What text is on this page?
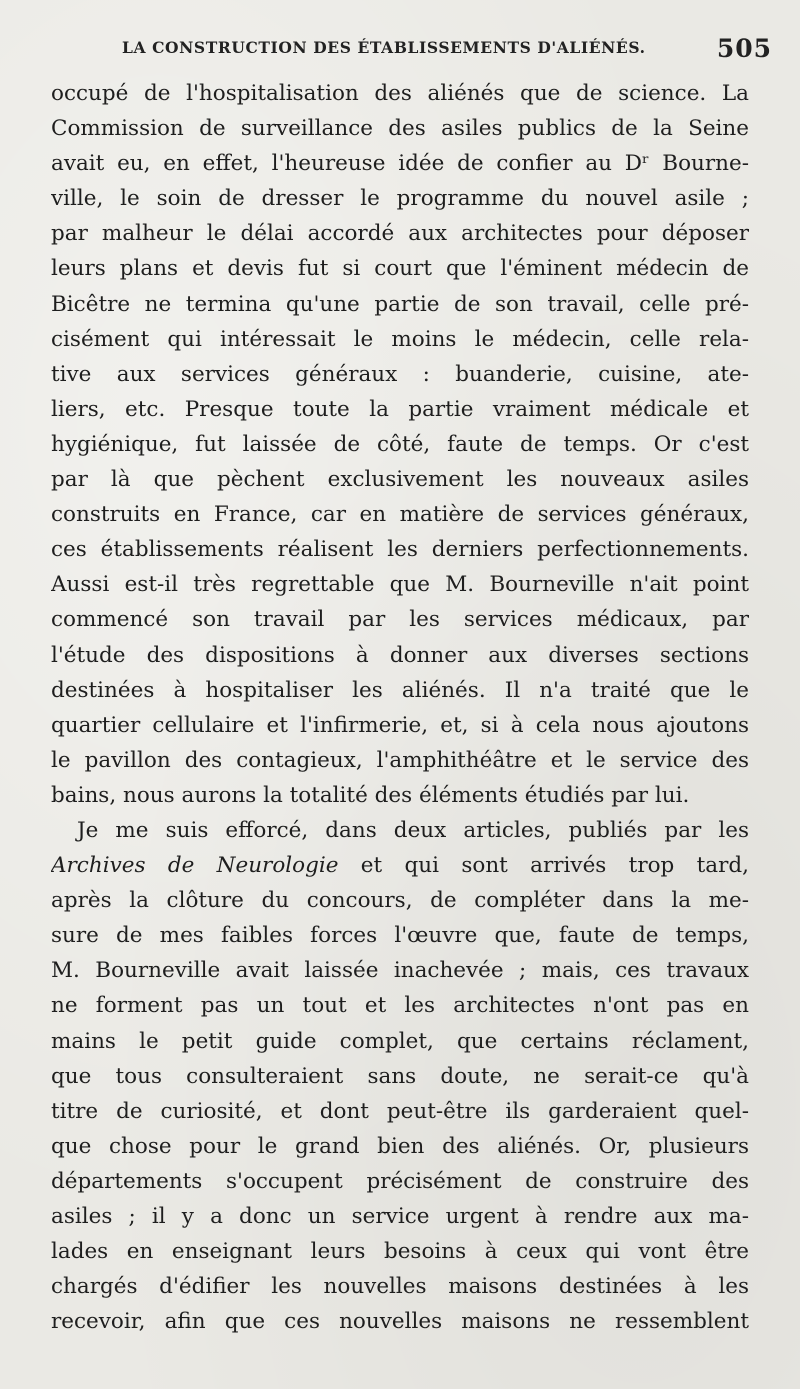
LA CONSTRUCTION DES ÉTABLISSEMENTS D'ALIÉNÉS.	505
occupé de l'hospitalisation des aliénés que de science. La
Commission de surveillance des asiles publics de la Seine
avait eu, en effet, l'heureuse idée de confier au Dʳ Bourne-
ville, le soin de dresser le programme du nouvel asile ;
par malheur le délai accordé aux architectes pour déposer
leurs plans et devis fut si court que l'éminent médecin de
Bicêtre ne termina qu'une partie de son travail, celle pré-
cisément qui intéressait le moins le médecin, celle rela-
tive aux services généraux : buanderie, cuisine, ate-
liers, etc. Presque toute la partie vraiment médicale et
hygiénique, fut laissée de côté, faute de temps. Or c'est
par là que pèchent exclusivement les nouveaux asiles
construits en France, car en matière de services généraux,
ces établissements réalisent les derniers perfectionnements.
Aussi est-il très regrettable que M. Bourneville n'ait point
commencé son travail par les services médicaux, par
l'étude des dispositions à donner aux diverses sections
destinées à hospitaliser les aliénés. Il n'a traité que le
quartier cellulaire et l'infirmerie, et, si à cela nous ajoutons
le pavillon des contagieux, l'amphithéâtre et le service des
bains, nous aurons la totalité des éléments étudiés par lui.
Je me suis efforcé, dans deux articles, publiés par les
Archives de Neurologie et qui sont arrivés trop tard,
après la clôture du concours, de compléter dans la me-
sure de mes faibles forces l'œuvre que, faute de temps,
M. Bourneville avait laissée inachevée ; mais, ces travaux
ne forment pas un tout et les architectes n'ont pas en
mains le petit guide complet, que certains réclament,
que tous consulteraient sans doute, ne serait-ce qu'à
titre de curiosité, et dont peut-être ils garderaient quel-
que chose pour le grand bien des aliénés. Or, plusieurs
départements s'occupent précisément de construire des
asiles ; il y a donc un service urgent à rendre aux ma-
lades en enseignant leurs besoins à ceux qui vont être
chargés d'édifier les nouvelles maisons destinées à les
recevoir, afin que ces nouvelles maisons ne ressemblent
